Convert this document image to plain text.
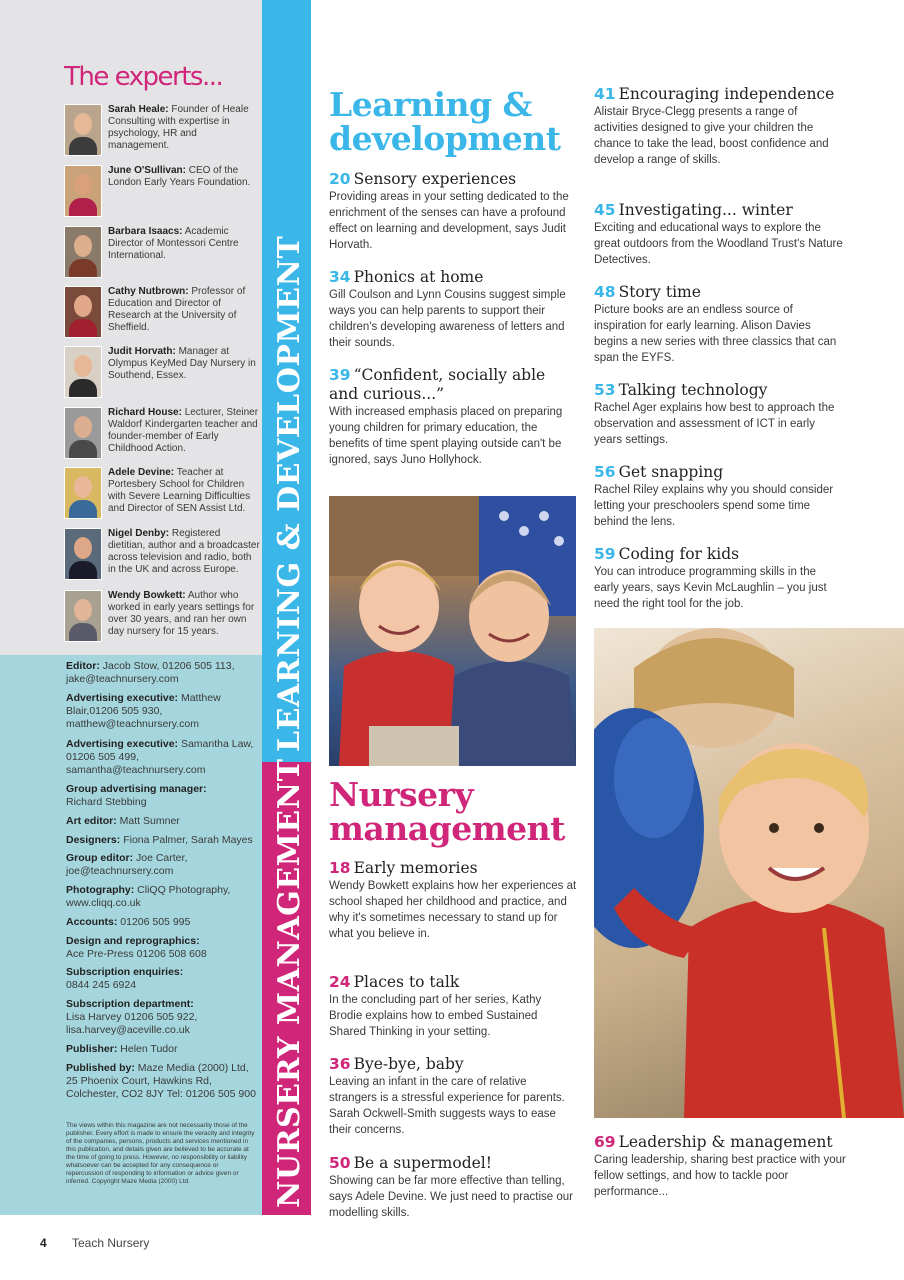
The experts...
Sarah Heale: Founder of Heale Consulting with expertise in psychology, HR and management.
June O'Sullivan: CEO of the London Early Years Foundation.
Barbara Isaacs: Academic Director of Montessori Centre International.
Cathy Nutbrown: Professor of Education and Director of Research at the University of Sheffield.
Judit Horvath: Manager at Olympus KeyMed Day Nursery in Southend, Essex.
Richard House: Lecturer, Steiner Waldorf Kindergarten teacher and founder-member of Early Childhood Action.
Adele Devine: Teacher at Portesbery School for Children with Severe Learning Difficulties and Director of SEN Assist Ltd.
Nigel Denby: Registered dietitian, author and a broadcaster across television and radio, both in the UK and across Europe.
Wendy Bowkett: Author who worked in early years settings for over 30 years, and ran her own day nursery for 15 years.
Editor: Jacob Stow, 01206 505 113, jake@teachnursery.com
Advertising executive: Matthew Blair,01206 505 930, matthew@teachnursery.com
Advertising executive: Samantha Law, 01206 505 499, samantha@teachnursery.com
Group advertising manager:
Richard Stebbing
Art editor: Matt Sumner
Designers: Fiona Palmer, Sarah Mayes
Group editor: Joe Carter, joe@teachnursery.com
Photography: CliQQ Photography, www.cliqq.co.uk
Accounts: 01206 505 995
Design and reprographics:
Ace Pre-Press 01206 508 608
Subscription enquiries:
0844 245 6924
Subscription department:
Lisa Harvey 01206 505 922, lisa.harvey@aceville.co.uk
Publisher: Helen Tudor
Published by: Maze Media (2000) Ltd, 25 Phoenix Court, Hawkins Rd, Colchester, CO2 8JY Tel: 01206 505 900
The views within this magazine are not necessarily those of the publisher. Every effort is made to ensure the veracity and integrity of the companies, persons, products and services mentioned in this publication, and details given are believed to be accurate at the time of going to press. However, no responsibility or liability whatsoever can be accepted for any consequence or repercussion of responding to information or advice given or inferred. Copyright Maze Media (2000) Ltd.
LEARNING & DEVELOPMENT
NURSERY MANAGEMENT
Learning &
development
20 Sensory experiences
Providing areas in your setting dedicated to the enrichment of the senses can have a profound effect on learning and development, says Judit Horvath.
34 Phonics at home
Gill Coulson and Lynn Cousins suggest simple ways you can help parents to support their children's developing awareness of letters and their sounds.
39 “Confident, socially able and curious...”
With increased emphasis placed on preparing young children for primary education, the benefits of time spent playing outside can't be ignored, says Juno Hollyhock.
Nursery
management
18 Early memories
Wendy Bowkett explains how her experiences at school shaped her childhood and practice, and why it's sometimes necessary to stand up for what you believe in.
24 Places to talk
In the concluding part of her series, Kathy Brodie explains how to embed Sustained Shared Thinking in your setting.
36 Bye-bye, baby
Leaving an infant in the care of relative strangers is a stressful experience for parents. Sarah Ockwell-Smith suggests ways to ease their concerns.
50 Be a supermodel!
Showing can be far more effective than telling, says Adele Devine. We just need to practise our modelling skills.
41 Encouraging independence
Alistair Bryce-Clegg presents a range of activities designed to give your children the chance to take the lead, boost confidence and develop a range of skills.
45 Investigating... winter
Exciting and educational ways to explore the great outdoors from the Woodland Trust's Nature Detectives.
48 Story time
Picture books are an endless source of inspiration for early learning. Alison Davies begins a new series with three classics that can span the EYFS.
53 Talking technology
Rachel Ager explains how best to approach the observation and assessment of ICT in early years settings.
56 Get snapping
Rachel Riley explains why you should consider letting your preschoolers spend some time behind the lens.
59 Coding for kids
You can introduce programming skills in the early years, says Kevin McLaughlin – you just need the right tool for the job.
69 Leadership & management
Caring leadership, sharing best practice with your fellow settings, and how to tackle poor performance...
4 Teach Nursery
